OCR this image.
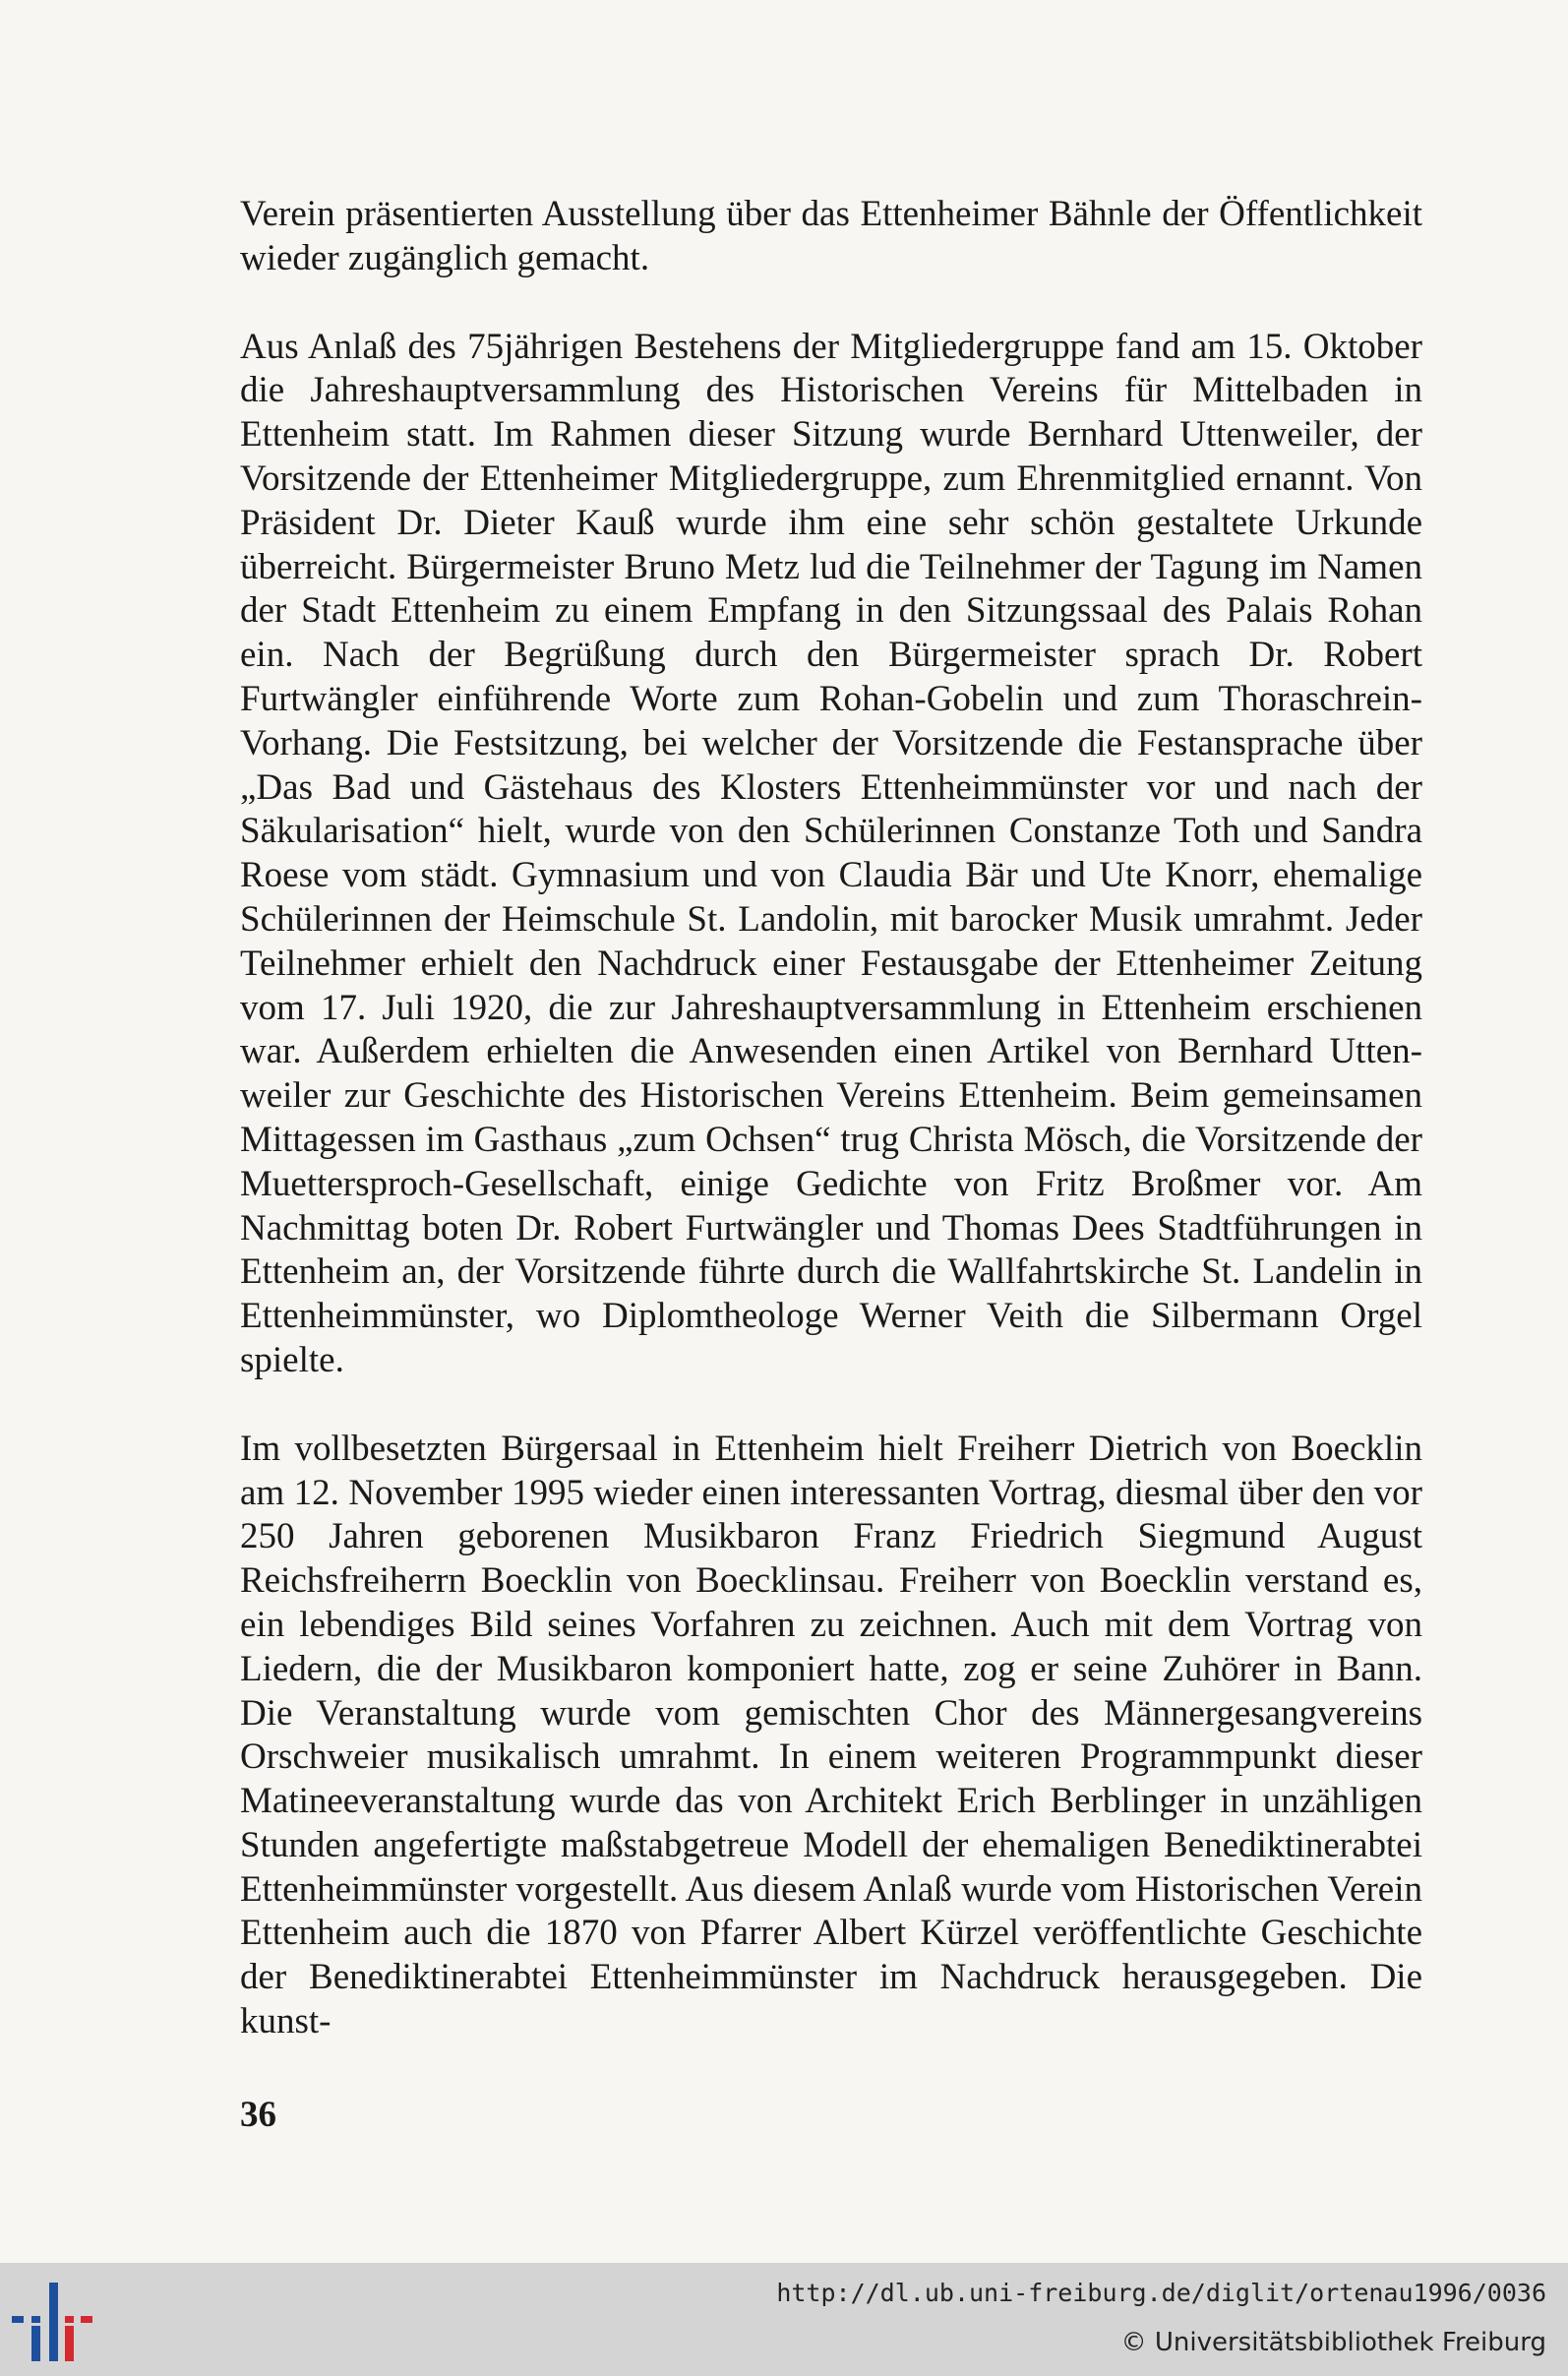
Verein präsentierten Ausstellung über das Ettenheimer Bähnle der Öffentlichkeit wieder zugänglich gemacht.

Aus Anlaß des 75jährigen Bestehens der Mitgliedergruppe fand am 15. Oktober die Jahreshauptversammlung des Historischen Vereins für Mittelbaden in Ettenheim statt. Im Rahmen dieser Sitzung wurde Bernhard Uttenweiler, der Vorsitzende der Ettenheimer Mitgliedergruppe, zum Ehrenmitglied ernannt. Von Präsident Dr. Dieter Kauß wurde ihm eine sehr schön gestaltete Urkunde überreicht. Bürgermeister Bruno Metz lud die Teilnehmer der Tagung im Namen der Stadt Ettenheim zu einem Empfang in den Sitzungssaal des Palais Rohan ein. Nach der Begrüßung durch den Bürgermeister sprach Dr. Robert Furtwängler einführende Worte zum Rohan-Gobelin und zum Thoraschrein-Vorhang. Die Festsitzung, bei welcher der Vorsitzende die Festansprache über „Das Bad und Gästehaus des Klosters Ettenheimmünster vor und nach der Säkularisation“ hielt, wurde von den Schülerinnen Constanze Toth und Sandra Roese vom städt. Gymnasium und von Claudia Bär und Ute Knorr, ehemalige Schülerinnen der Heimschule St. Landolin, mit barocker Musik umrahmt. Jeder Teilnehmer erhielt den Nachdruck einer Festausgabe der Ettenheimer Zeitung vom 17. Juli 1920, die zur Jahreshauptversammlung in Ettenheim erschienen war. Außerdem erhielten die Anwesenden einen Artikel von Bernhard Uttenweiler zur Geschichte des Historischen Vereins Ettenheim. Beim gemeinsamen Mittagessen im Gasthaus „zum Ochsen“ trug Christa Mösch, die Vorsitzende der Muettersproch-Gesellschaft, einige Gedichte von Fritz Broßmer vor. Am Nachmittag boten Dr. Robert Furtwängler und Thomas Dees Stadtführungen in Ettenheim an, der Vorsitzende führte durch die Wallfahrtskirche St. Landelin in Ettenheimmünster, wo Diplomtheologe Werner Veith die Silbermann Orgel spielte.

Im vollbesetzten Bürgersaal in Ettenheim hielt Freiherr Dietrich von Boecklin am 12. November 1995 wieder einen interessanten Vortrag, diesmal über den vor 250 Jahren geborenen Musikbaron Franz Friedrich Siegmund August Reichsfreiherrn Boecklin von Boecklinsau. Freiherr von Boecklin verstand es, ein lebendiges Bild seines Vorfahren zu zeichnen. Auch mit dem Vortrag von Liedern, die der Musikbaron komponiert hatte, zog er seine Zuhörer in Bann. Die Veranstaltung wurde vom gemischten Chor des Männergesangvereins Orschweier musikalisch umrahmt. In einem weiteren Programmpunkt dieser Matineeveranstaltung wurde das von Architekt Erich Berblinger in unzähligen Stunden angefertigte maßstabgetreue Modell der ehemaligen Benediktinerabtei Ettenheimmünster vorgestellt. Aus diesem Anlaß wurde vom Historischen Verein Ettenheim auch die 1870 von Pfarrer Albert Kürzel veröffentlichte Geschichte der Benediktinerabtei Ettenheimmünster im Nachdruck herausgegeben. Die kunst-

36
http://dl.ub.uni-freiburg.de/diglit/ortenau1996/0036
© Universitätsbibliothek Freiburg
